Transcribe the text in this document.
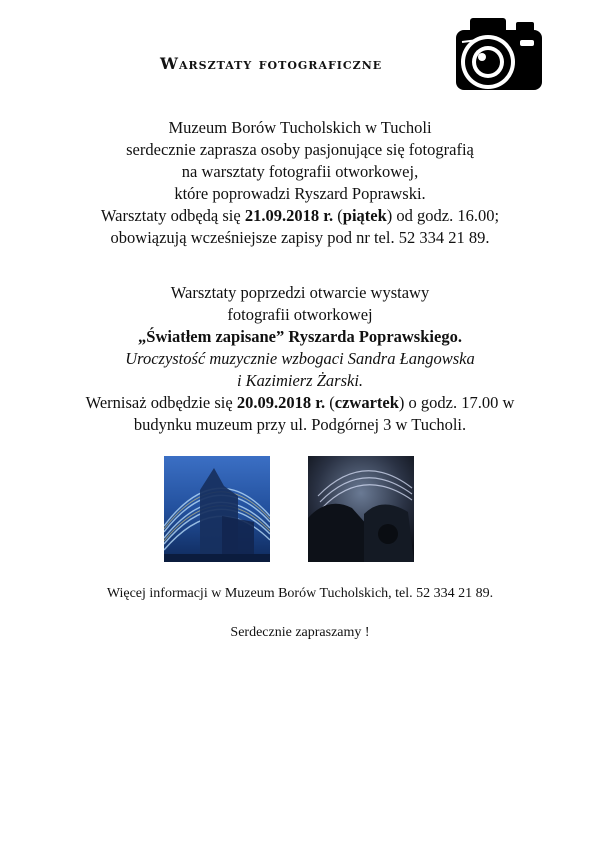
Warsztaty fotograficzne
Muzeum Borów Tucholskich w Tucholi
serdecznie zaprasza osoby pasjonujące się fotografią
na warsztaty fotografii otworkowej,
które poprowadzi Ryszard Poprawski.
Warsztaty odbędą się 21.09.2018 r. (piątek) od godz. 16.00;
obowiązują wcześniejsze zapisy pod nr tel. 52 334 21 89.
Warsztaty poprzedzi otwarcie wystawy
fotografii otworkowej
„Światłem zapisane” Ryszarda Poprawskiego.
Uroczystość muzycznie wzbogaci Sandra Łangowska
i Kazimierz Żarski.
Wernisaż odbędzie się 20.09.2018 r. (czwartek) o godz. 17.00 w
budynku muzeum przy ul. Podgórnej 3 w Tucholi.
Więcej informacji w Muzeum Borów Tucholskich, tel. 52 334 21 89.
Serdecznie zapraszamy !
